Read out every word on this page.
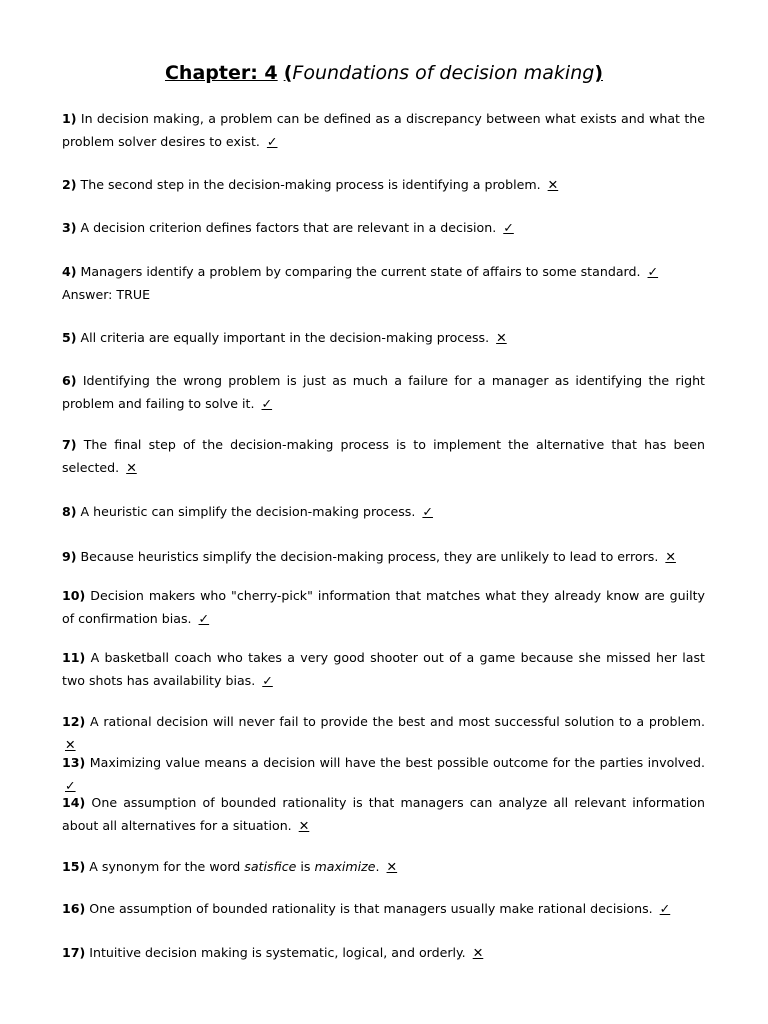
Chapter: 4 (Foundations of decision making)
1) In decision making, a problem can be defined as a discrepancy between what exists and what the problem solver desires to exist. ✓
2) The second step in the decision-making process is identifying a problem. ✕
3) A decision criterion defines factors that are relevant in a decision. ✓
4) Managers identify a problem by comparing the current state of affairs to some standard. ✓
Answer: TRUE
5) All criteria are equally important in the decision-making process. ✕
6) Identifying the wrong problem is just as much a failure for a manager as identifying the right problem and failing to solve it. ✓
7) The final step of the decision-making process is to implement the alternative that has been selected. ✕
8) A heuristic can simplify the decision-making process. ✓
9) Because heuristics simplify the decision-making process, they are unlikely to lead to errors. ✕
10) Decision makers who "cherry-pick" information that matches what they already know are guilty of confirmation bias. ✓
11) A basketball coach who takes a very good shooter out of a game because she missed her last two shots has availability bias. ✓
12) A rational decision will never fail to provide the best and most successful solution to a problem. ✕
13) Maximizing value means a decision will have the best possible outcome for the parties involved. ✓
14) One assumption of bounded rationality is that managers can analyze all relevant information about all alternatives for a situation. ✕
15) A synonym for the word satisfice is maximize. ✕
16) One assumption of bounded rationality is that managers usually make rational decisions. ✓
17) Intuitive decision making is systematic, logical, and orderly. ✕
